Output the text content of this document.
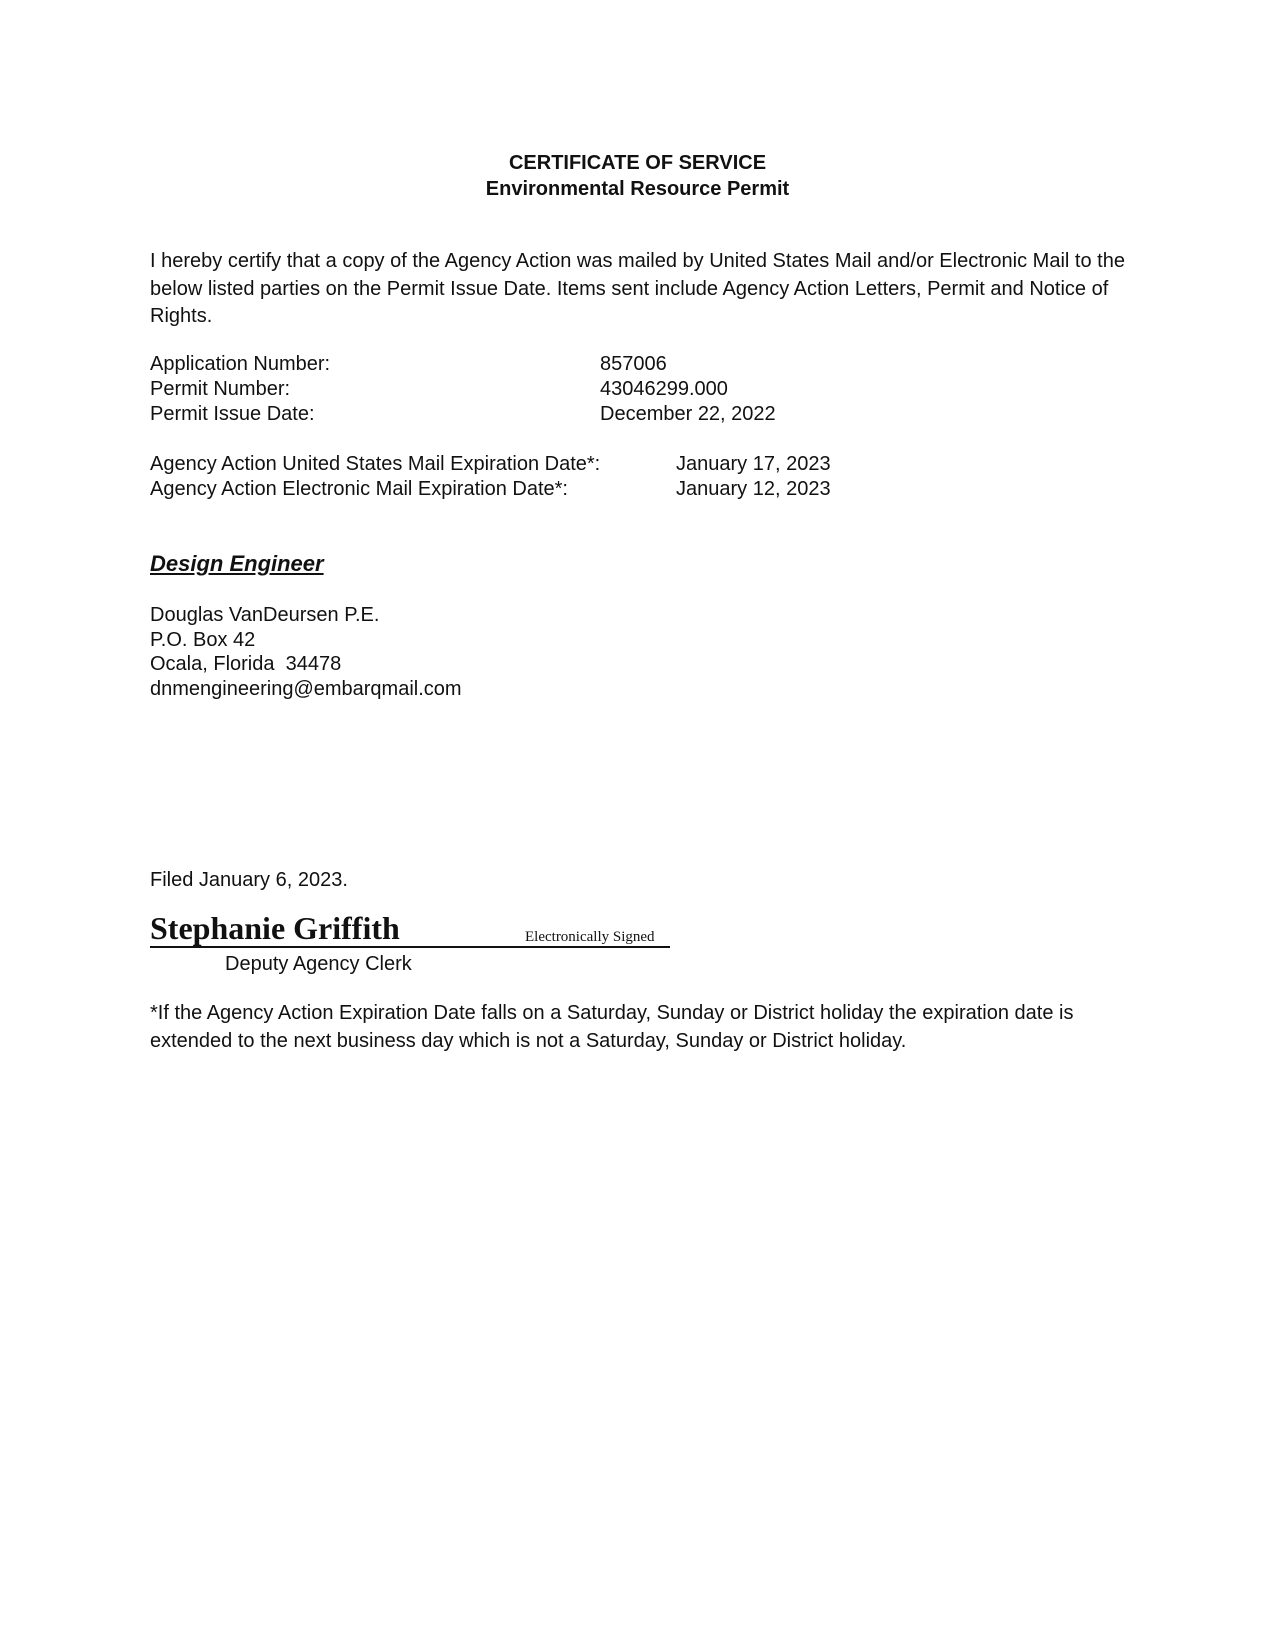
CERTIFICATE OF SERVICE
Environmental Resource Permit
I hereby certify that a copy of the Agency Action was mailed by United States Mail and/or Electronic Mail to the below listed parties on the Permit Issue Date. Items sent include Agency Action Letters, Permit and Notice of Rights.
Application Number:	857006
Permit Number:	43046299.000
Permit Issue Date:	December 22, 2022
Agency Action United States Mail Expiration Date*:	January 17, 2023
Agency Action Electronic Mail Expiration Date*:	January 12, 2023
Design Engineer
Douglas VanDeursen P.E.
P.O. Box 42
Ocala, Florida  34478
dnmengineering@embarqmail.com
Filed January 6, 2023.
Stephanie Griffith	Electronically Signed
Deputy Agency Clerk
*If the Agency Action Expiration Date falls on a Saturday, Sunday or District holiday the expiration date is extended to the next business day which is not a Saturday, Sunday or District holiday.
